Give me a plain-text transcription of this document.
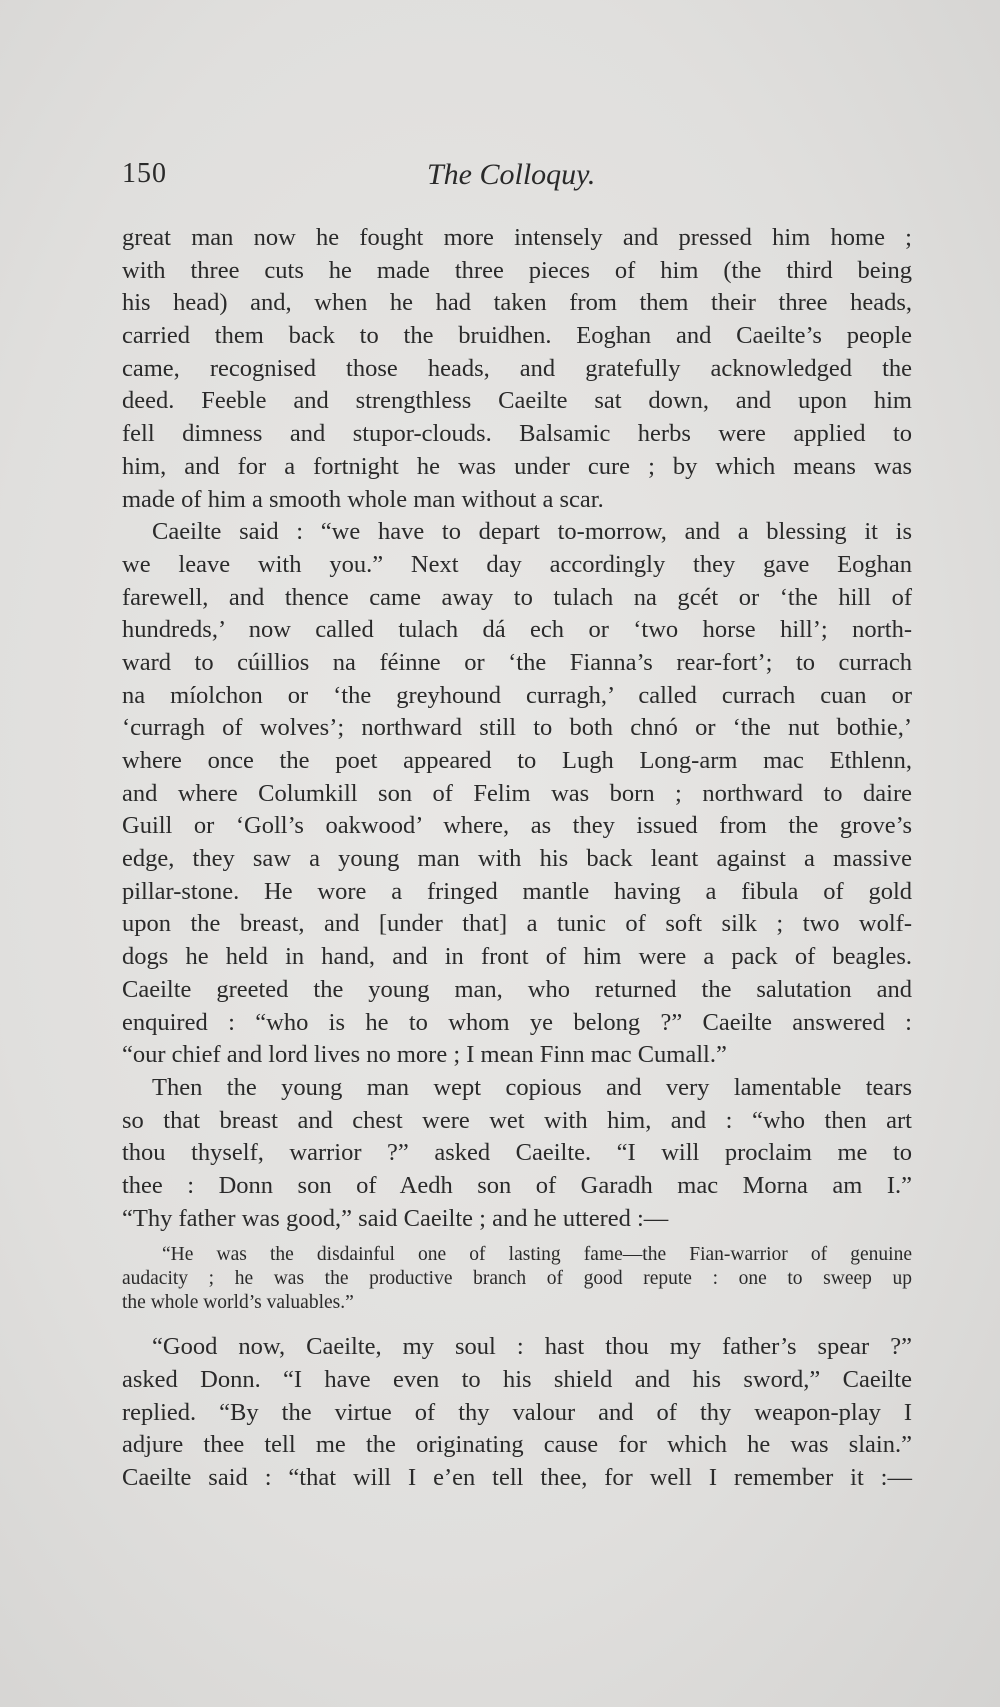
150	The Colloquy.
great man now he fought more intensely and pressed him home ;
with three cuts he made three pieces of him (the third being
his head) and, when he had taken from them their three heads,
carried them back to the bruidhen. Eoghan and Caeilte’s people
came, recognised those heads, and gratefully acknowledged the
deed. Feeble and strengthless Caeilte sat down, and upon him
fell dimness and stupor-clouds. Balsamic herbs were applied to
him, and for a fortnight he was under cure ; by which means was
made of him a smooth whole man without a scar.
Caeilte said : “we have to depart to-morrow, and a blessing it is
we leave with you.” Next day accordingly they gave Eoghan
farewell, and thence came away to tulach na gcét or ‘the hill of
hundreds,’ now called tulach dá ech or ‘two horse hill’; north-
ward to cúillios na féinne or ‘the Fianna’s rear-fort’; to currach
na míolchon or ‘the greyhound curragh,’ called currach cuan or
‘curragh of wolves’; northward still to both chnó or ‘the nut bothie,’
where once the poet appeared to Lugh Long-arm mac Ethlenn,
and where Columkill son of Felim was born ; northward to daire
Guill or ‘Goll’s oakwood’ where, as they issued from the grove’s
edge, they saw a young man with his back leant against a massive
pillar-stone. He wore a fringed mantle having a fibula of gold
upon the breast, and [under that] a tunic of soft silk ; two wolf-
dogs he held in hand, and in front of him were a pack of beagles.
Caeilte greeted the young man, who returned the salutation and
enquired : “who is he to whom ye belong ?” Caeilte answered :
“our chief and lord lives no more ; I mean Finn mac Cumall.”
Then the young man wept copious and very lamentable tears
so that breast and chest were wet with him, and : “who then art
thou thyself, warrior ?” asked Caeilte. “I will proclaim me to
thee : Donn son of Aedh son of Garadh mac Morna am I.”
“Thy father was good,” said Caeilte ; and he uttered :—
“He was the disdainful one of lasting fame—the Fian-warrior of genuine
audacity ; he was the productive branch of good repute : one to sweep up
the whole world’s valuables.”
“Good now, Caeilte, my soul : hast thou my father’s spear ?”
asked Donn. “I have even to his shield and his sword,” Caeilte
replied. “By the virtue of thy valour and of thy weapon-play I
adjure thee tell me the originating cause for which he was slain.”
Caeilte said : “that will I e’en tell thee, for well I remember it :—
